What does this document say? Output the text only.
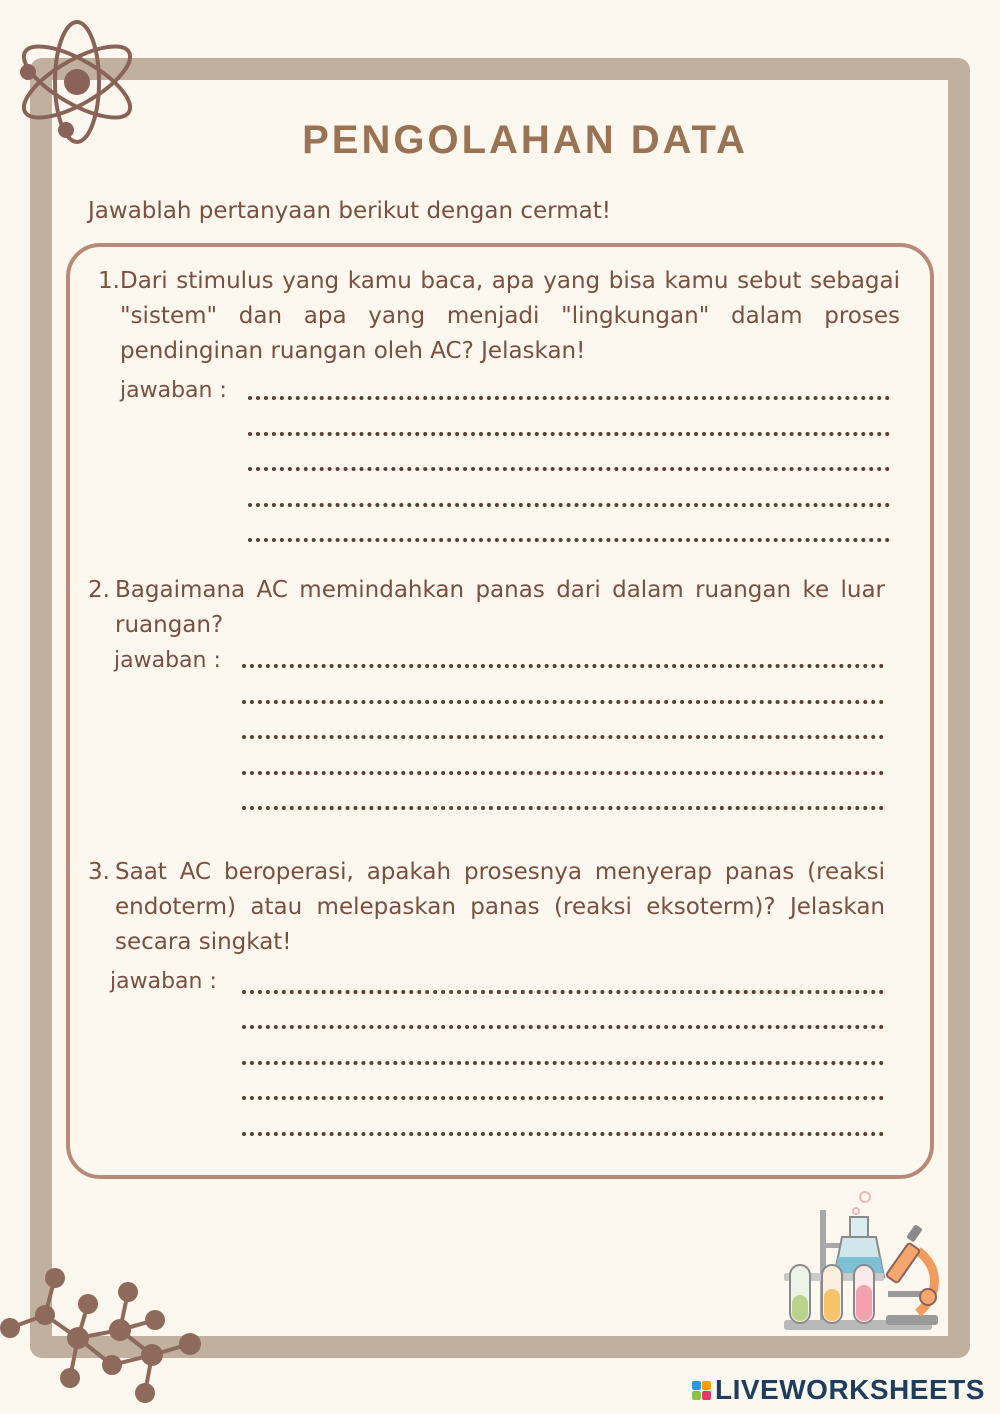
PENGOLAHAN DATA
Jawablah pertanyaan berikut dengan cermat!
1. Dari stimulus yang kamu baca, apa yang bisa kamu sebut sebagai "sistem" dan apa yang menjadi "lingkungan" dalam proses pendinginan ruangan oleh AC? Jelaskan!
jawaban :
2. Bagaimana AC memindahkan panas dari dalam ruangan ke luar ruangan?
jawaban :
3. Saat AC beroperasi, apakah prosesnya menyerap panas (reaksi endoterm) atau melepaskan panas (reaksi eksoterm)? Jelaskan secara singkat!
jawaban :
LIVEWORKSHEETS
